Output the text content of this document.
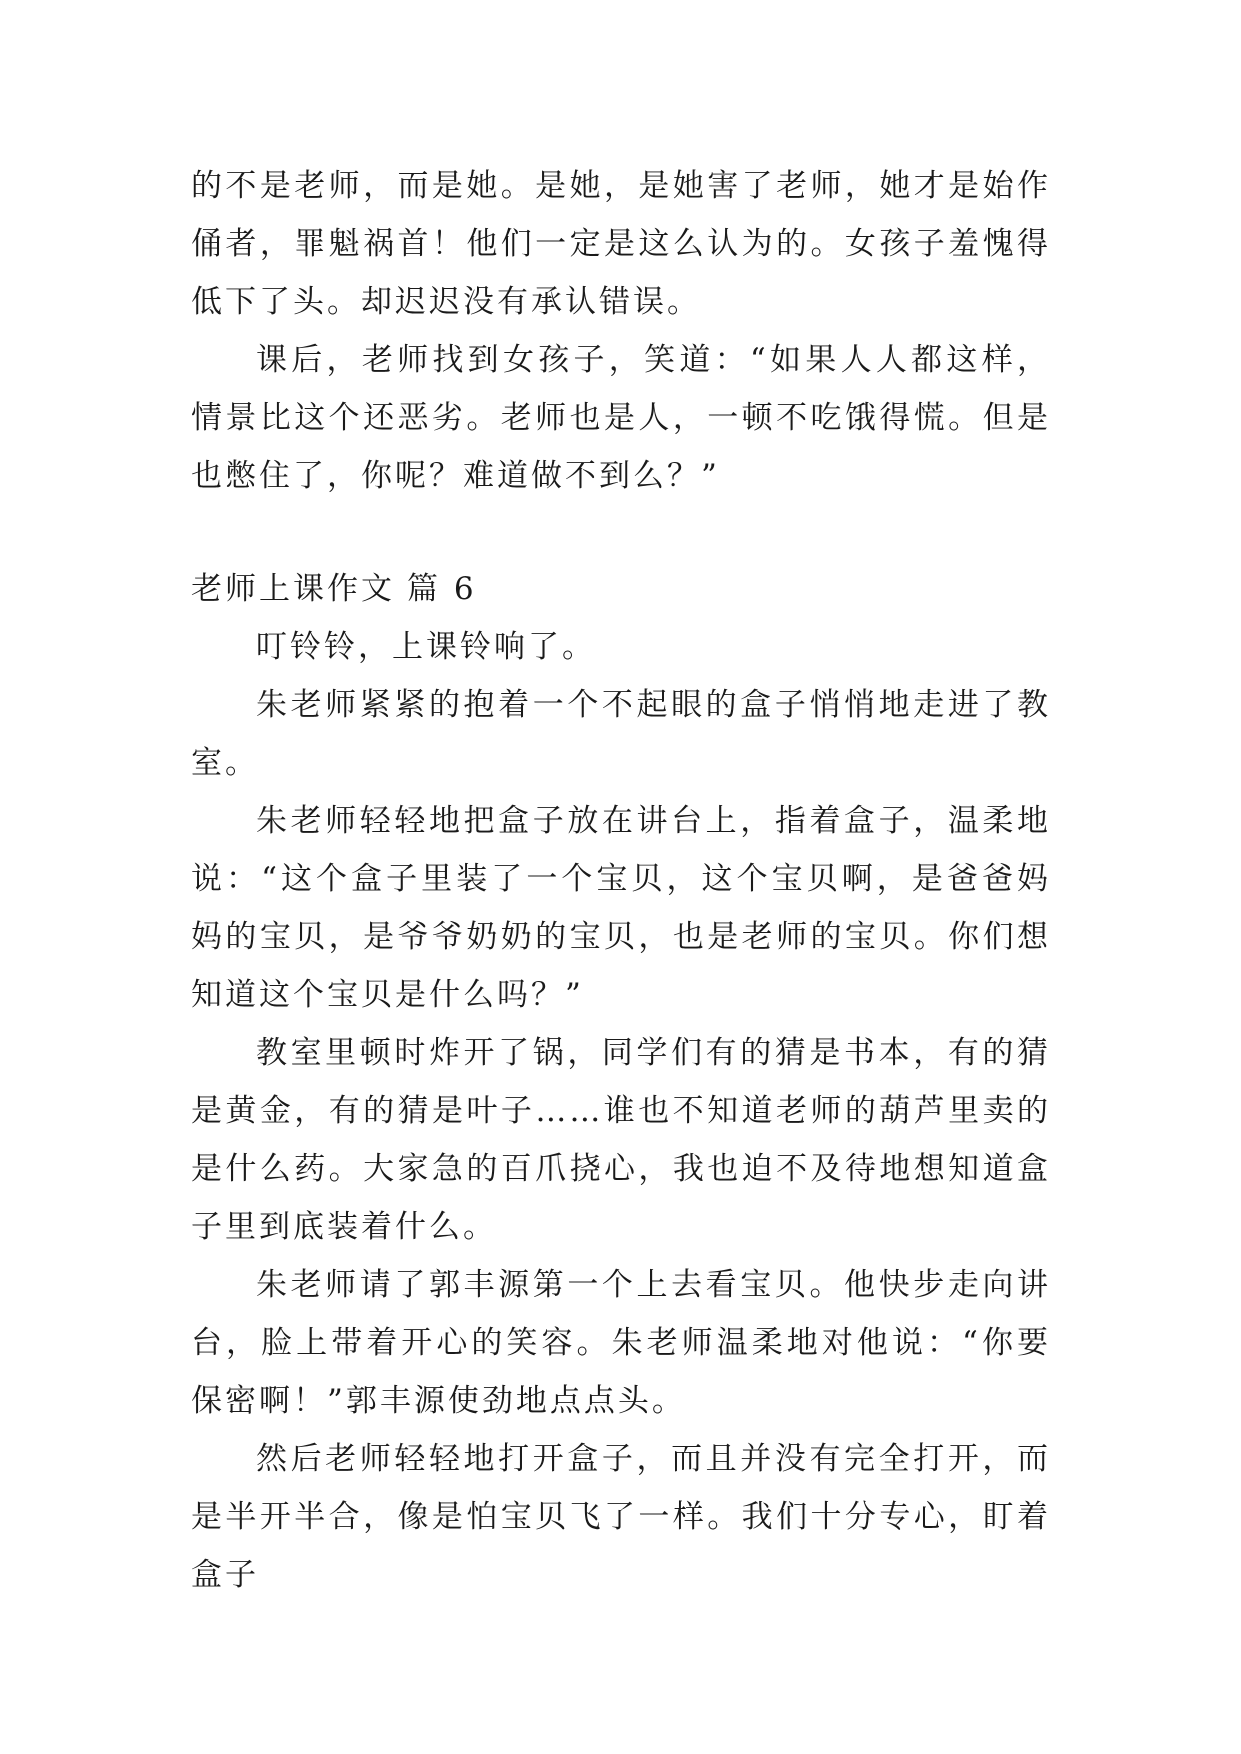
的不是老师，而是她。是她，是她害了老师，她才是始作俑者，罪魁祸首！他们一定是这么认为的。女孩子羞愧得低下了头。却迟迟没有承认错误。

课后，老师找到女孩子，笑道：“如果人人都这样，情景比这个还恶劣。老师也是人，一顿不吃饿得慌。但是也憋住了，你呢？难道做不到么？”

老师上课作文 篇 6

叮铃铃，上课铃响了。

朱老师紧紧的抱着一个不起眼的盒子悄悄地走进了教室。

朱老师轻轻地把盒子放在讲台上，指着盒子，温柔地说：“这个盒子里装了一个宝贝，这个宝贝啊，是爸爸妈妈的宝贝，是爷爷奶奶的宝贝，也是老师的宝贝。你们想知道这个宝贝是什么吗？”

教室里顿时炸开了锅，同学们有的猜是书本，有的猜是黄金，有的猜是叶子……谁也不知道老师的葫芦里卖的是什么药。大家急的百爪挠心，我也迫不及待地想知道盒子里到底装着什么。

朱老师请了郭丰源第一个上去看宝贝。他快步走向讲台，脸上带着开心的笑容。朱老师温柔地对他说：“你要保密啊！”郭丰源使劲地点点头。

然后老师轻轻地打开盒子，而且并没有完全打开，而是半开半合，像是怕宝贝飞了一样。我们十分专心，盯着盒子
